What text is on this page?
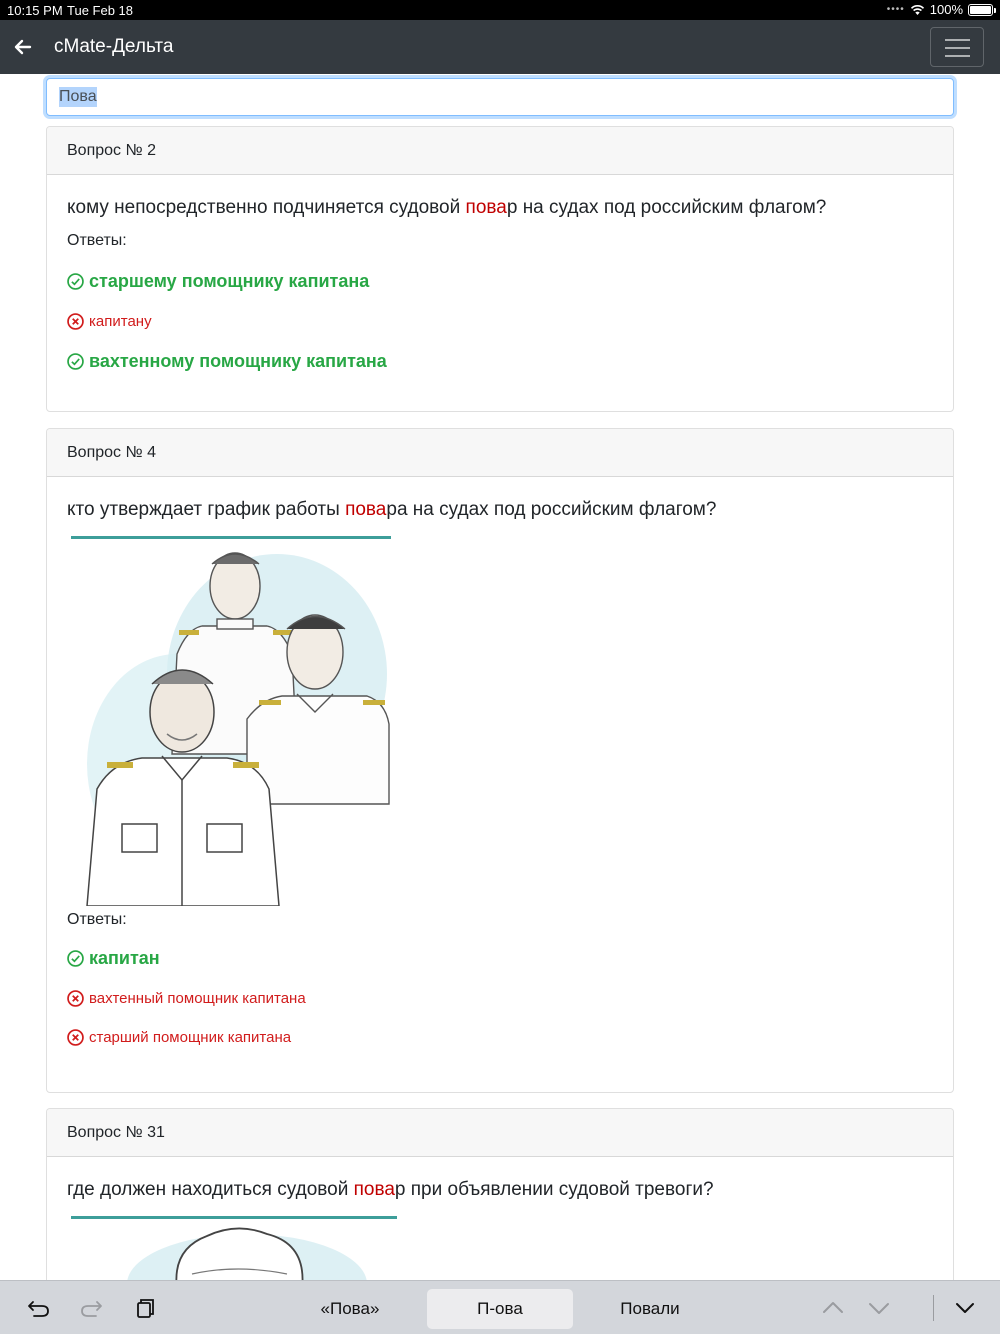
10:15 PM Tue Feb 18	•••• 100%
cMate-Дельта
Пова
Вопрос № 2
кому непосредственно подчиняется судовой повар на судах под российским флагом?
Ответы:
старшему помощнику капитана
капитану
вахтенному помощнику капитана
Вопрос № 4
кто утверждает график работы повара на судах под российским флагом?
Ответы:
капитан
вахтенный помощник капитана
старший помощник капитана
Вопрос № 31
где должен находиться судовой повар при объявлении судовой тревоги?
«Пова»	П-ова	Повали
